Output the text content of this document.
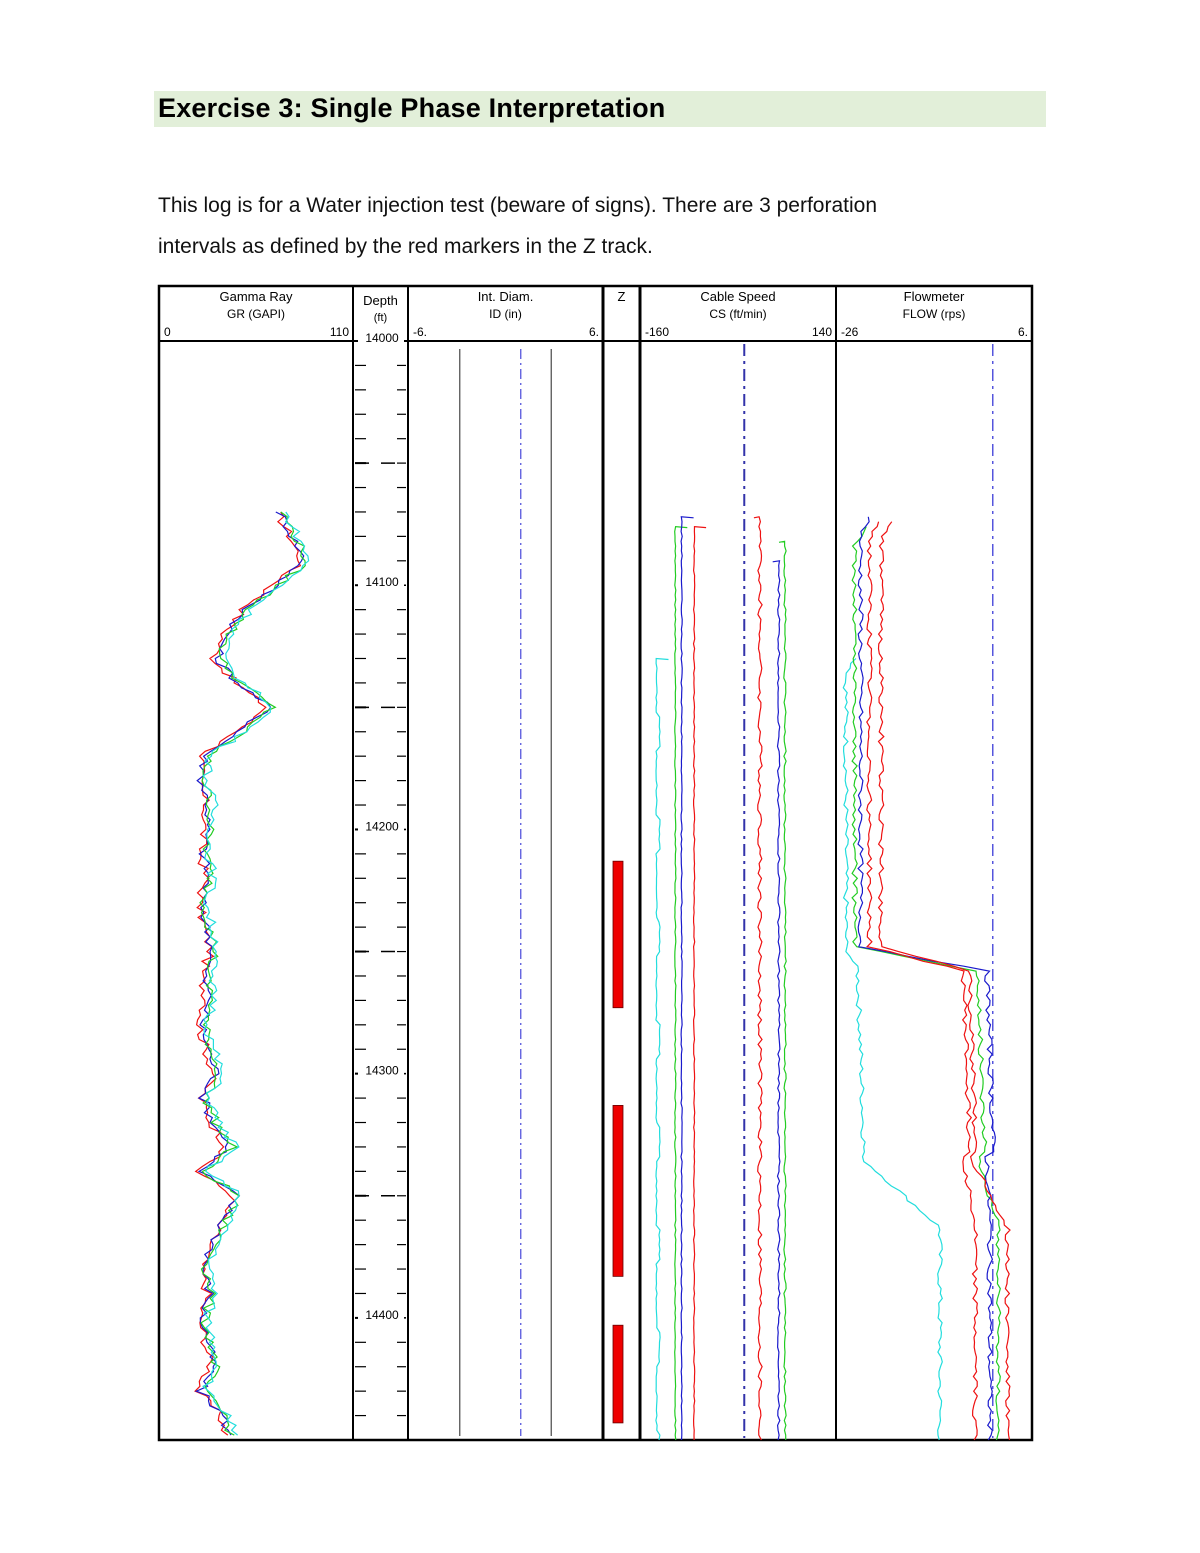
Exercise 3: Single Phase Interpretation

This log is for a Water injection test (beware of signs). There are 3 perforation

intervals as defined by the red markers in the Z track.

Gamma Ray
GR (GAPI)
0	110
Depth
(ft)
Int. Diam.
ID (in)
-6.	6.
Z	Cable Speed
CS (ft/min)
-160	140
Flowmeter
FLOW (rps)
-26	6.
14000
14100
14200
14300
14400
